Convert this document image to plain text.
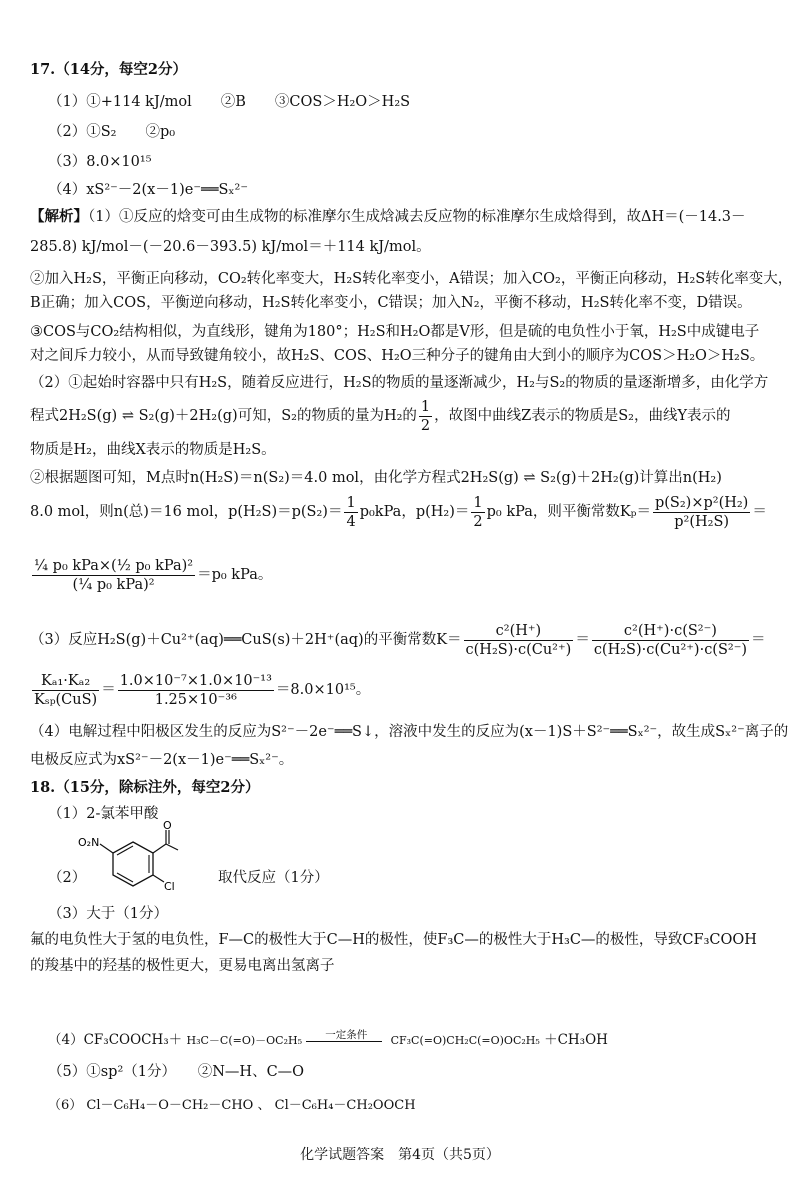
17.（14分，每空2分）
（1）①+114 kJ/mol　　②B　　③COS＞H₂O＞H₂S
（2）①S₂　　②p₀
（3）8.0×10¹⁵
（4）xS²⁻－2(x－1)e⁻══Sₓ²⁻
【解析】（1）①反应的焓变可由生成物的标准摩尔生成焓减去反应物的标准摩尔生成焓得到，故ΔH＝(－14.3－
285.8) kJ/mol－(－20.6－393.5) kJ/mol＝＋114 kJ/mol。
②加入H₂S，平衡正向移动，CO₂转化率变大，H₂S转化率变小，A错误；加入CO₂，平衡正向移动，H₂S转化率变大，
B正确；加入COS，平衡逆向移动，H₂S转化率变小，C错误；加入N₂，平衡不移动，H₂S转化率不变，D错误。
③COS与CO₂结构相似，为直线形，键角为180°；H₂S和H₂O都是V形，但是硫的电负性小于氧，H₂S中成键电子
对之间斥力较小，从而导致键角较小，故H₂S、COS、H₂O三种分子的键角由大到小的顺序为COS＞H₂O＞H₂S。
（2）①起始时容器中只有H₂S，随着反应进行，H₂S的物质的量逐渐减少，H₂与S₂的物质的量逐渐增多，由化学方
程式2H₂S(g) ⇌ S₂(g)＋2H₂(g)可知，S₂的物质的量为H₂的 $\frac{1}{2}$ ，故图中曲线Z表示的物质是S₂，曲线Y表示的
物质是H₂，曲线X表示的物质是H₂S。
②根据题图可知，M点时n(H₂S)＝n(S₂)＝4.0 mol，由化学方程式2H₂S(g) ⇌ S₂(g)＋2H₂(g)计算出n(H₂)
8.0 mol，则n(总)＝16 mol，$p(H_2S)=p(S_2)= \frac{1}{4} p_0kPa$，$p(H_2)= \frac{1}{2} p_0$ kPa，则平衡常数$K_p= \frac{\text{p(S₂)×p²(H₂)}}{\text{p²(H₂S)}}$ ＝
$\frac{\text{¼ p₀ kPa×(½ p₀ kPa)²}}{\text{(¼ p₀ kPa)²}} =p_0$ kPa。
（3）反应H₂S(g)＋Cu²⁺(aq)══CuS(s)＋2H⁺(aq)的平衡常数$K= \frac{\text{c²(H⁺)}}{\text{c(H₂S)·c(Cu²⁺)}} = \frac{\text{c²(H⁺)·c(S²⁻)}}{\text{c(H₂S)·c(Cu²⁺)·c(S²⁻)}}$ ＝
$\frac{\text{Kₐ₁·Kₐ₂}}{\text{Kₛₚ(CuS)}} = \frac{\text{1.0×10⁻⁷×1.0×10⁻¹³}}{\text{1.25×10⁻³⁶}} =8.0\times 10^{15}$。
（4）电解过程中阳极区发生的反应为S²⁻－2e⁻══S↓，溶液中发生的反应为(x－1)S＋S²⁻══Sₓ²⁻，故生成Sₓ²⁻离子的
电极反应式为xS²⁻－2(x－1)e⁻══Sₓ²⁻。
18.（15分，除标注外，每空2分）
（1）2-氯苯甲酸
（2）
O₂N
O
Cl
取代反应（1分）
（3）大于（1分）
氟的电负性大于氢的电负性，F—C的极性大于C—H的极性，使F₃C—的极性大于H₃C—的极性，导致CF₃COOH
的羧基中的羟基的极性更大，更易电离出氢离子
（4）CF₃COOCH₃＋ H₃C－C(=O)－OC₂H₅	一定条件	CF₃C(=O)CH₂C(=O)OC₂H₅ ＋CH₃OH
（5）①sp²（1分）　　②N—H、C—O
（6） Cl－C₆H₄－O－CH₂－CHO 、 Cl－C₆H₄－CH₂OOCH
化学试题答案　第4页（共5页）
